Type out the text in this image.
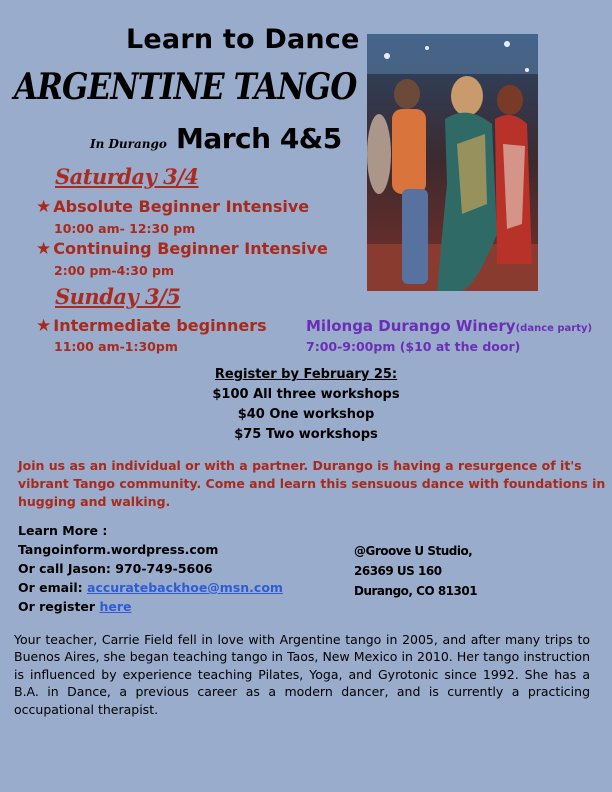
Learn to Dance
ARGENTINE TANGO
In Durango March 4&5
Saturday 3/4
★ Absolute Beginner Intensive
10:00 am- 12:30 pm
★ Continuing Beginner Intensive
2:00 pm-4:30 pm
Sunday 3/5
★ Intermediate beginners
11:00 am-1:30pm
Milonga Durango Winery(dance party)
7:00-9:00pm ($10 at the door)
Register by February 25:
$100 All three workshops
$40 One workshop
$75 Two workshops
Join us as an individual or with a partner. Durango is having a resurgence of it's vibrant Tango community. Come and learn this sensuous dance with foundations in hugging and walking.
Learn More :
Tangoinform.wordpress.com
Or call Jason: 970-749-5606
Or email: accuratebackhoe@msn.com
Or register here
@Groove U Studio,
26369 US 160
Durango, CO 81301
Your teacher, Carrie Field fell in love with Argentine tango in 2005, and after many trips to Buenos Aires, she began teaching tango in Taos, New Mexico in 2010. Her tango instruction is influenced by experience teaching Pilates, Yoga, and Gyrotonic since 1992. She has a B.A. in Dance, a previous career as a modern dancer, and is currently a practicing occupational therapist.
